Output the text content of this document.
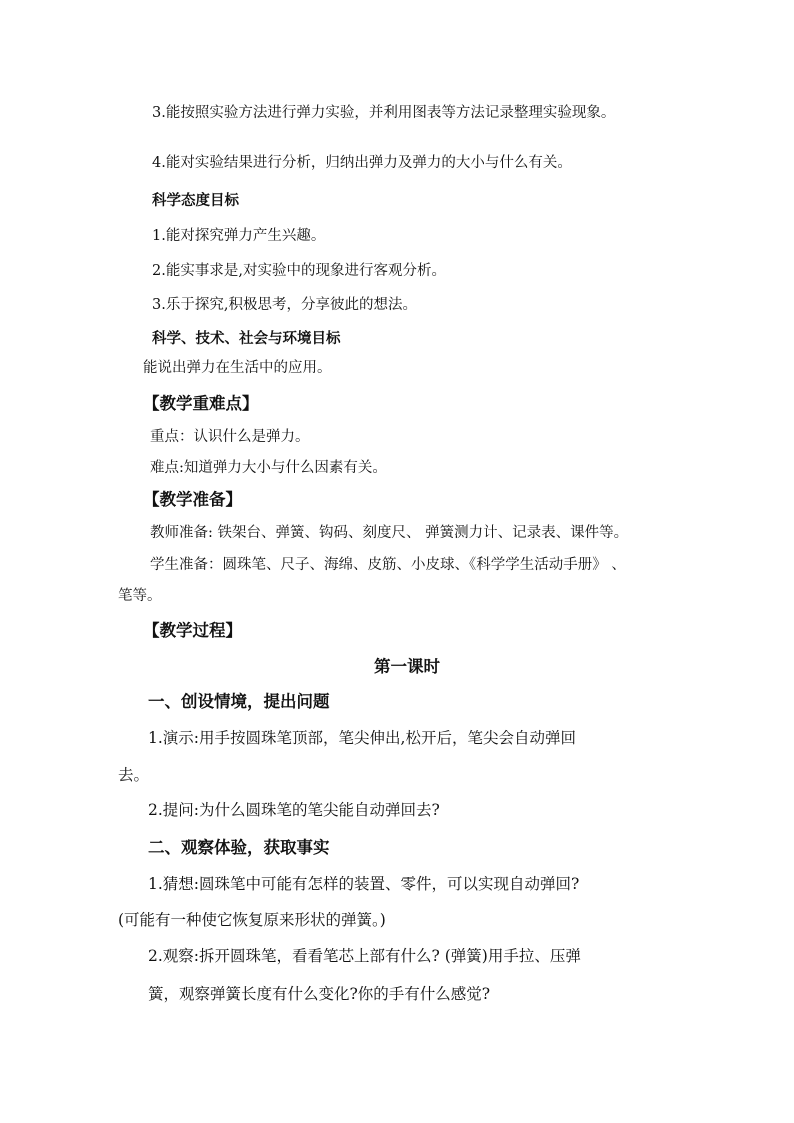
3.能按照实验方法进行弹力实验，并利用图表等方法记录整理实验现象。
4.能对实验结果进行分析，归纳出弹力及弹力的大小与什么有关。
科学态度目标
1.能对探究弹力产生兴趣。
2.能实事求是,对实验中的现象进行客观分析。
3.乐于探究,积极思考，分享彼此的想法。
科学、技术、社会与环境目标
能说出弹力在生活中的应用。
【教学重难点】
重点：认识什么是弹力。
难点:知道弹力大小与什么因素有关。
【教学准备】
教师准备: 铁架台、弹簧、钩码、刻度尺、 弹簧测力计、记录表、课件等。
学生准备：圆珠笔、尺子、海绵、皮筋、小皮球、《科学学生活动手册》 、
笔等。
【教学过程】
第一课时
一、创设情境，提出问题
1.演示:用手按圆珠笔顶部，笔尖伸出,松开后，笔尖会自动弹回
去。
2.提问:为什么圆珠笔的笔尖能自动弹回去?
二、观察体验，获取事实
1.猜想:圆珠笔中可能有怎样的装置、零件，可以实现自动弹回?
(可能有一种使它恢复原来形状的弹簧。)
2.观察:拆开圆珠笔，看看笔芯上部有什么? (弹簧)用手拉、压弹
簧，观察弹簧长度有什么变化?你的手有什么感觉?
